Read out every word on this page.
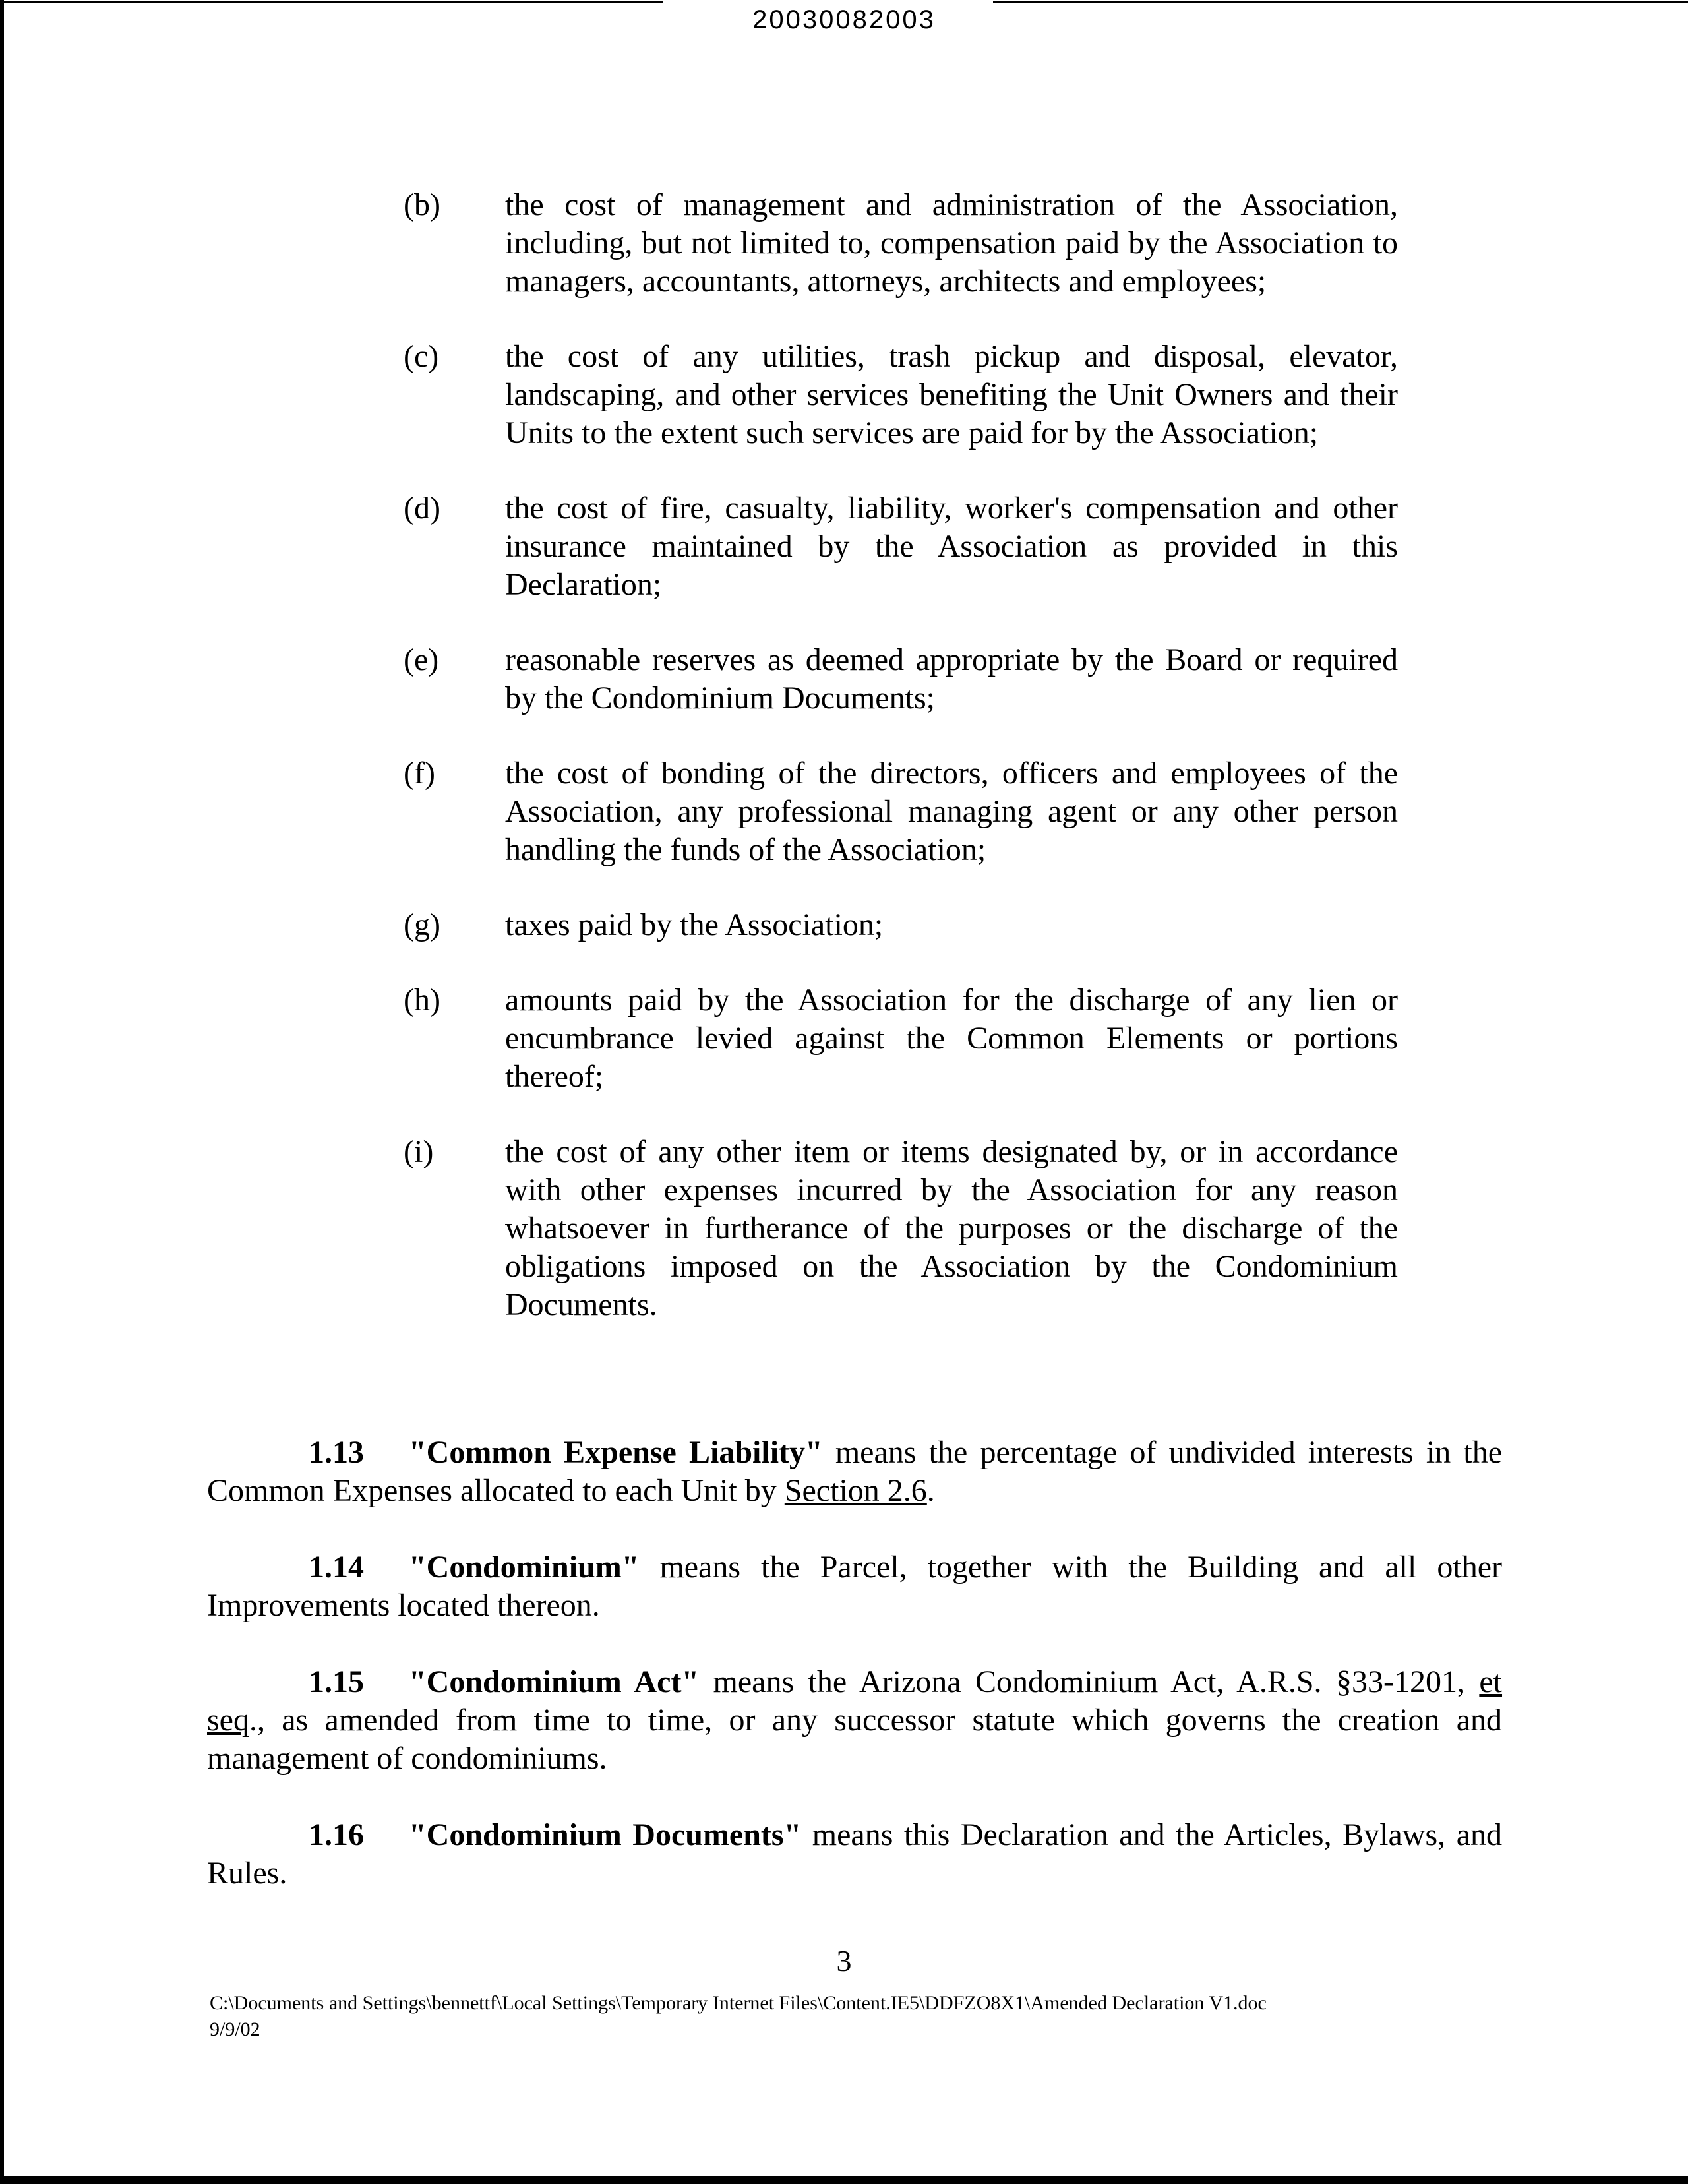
20030082003
(b)	the cost of management and administration of the Association, including, but not limited to, compensation paid by the Association to managers, accountants, attorneys, architects and employees;
(c)	the cost of any utilities, trash pickup and disposal, elevator, landscaping, and other services benefiting the Unit Owners and their Units to the extent such services are paid for by the Association;
(d)	the cost of fire, casualty, liability, worker's compensation and other insurance maintained by the Association as provided in this Declaration;
(e)	reasonable reserves as deemed appropriate by the Board or required by the Condominium Documents;
(f)	the cost of bonding of the directors, officers and employees of the Association, any professional managing agent or any other person handling the funds of the Association;
(g)	taxes paid by the Association;
(h)	amounts paid by the Association for the discharge of any lien or encumbrance levied against the Common Elements or portions thereof;
(i)	the cost of any other item or items designated by, or in accordance with other expenses incurred by the Association for any reason whatsoever in furtherance of the purposes or the discharge of the obligations imposed on the Association by the Condominium Documents.

1.13 "Common Expense Liability" means the percentage of undivided interests in the Common Expenses allocated to each Unit by Section 2.6.

1.14 "Condominium" means the Parcel, together with the Building and all other Improvements located thereon.

1.15 "Condominium Act" means the Arizona Condominium Act, A.R.S. §33-1201, et seq., as amended from time to time, or any successor statute which governs the creation and management of condominiums.

1.16 "Condominium Documents" means this Declaration and the Articles, Bylaws, and Rules.

3
C:\Documents and Settings\bennettf\Local Settings\Temporary Internet Files\Content.IE5\DDFZO8X1\Amended Declaration V1.doc
9/9/02
